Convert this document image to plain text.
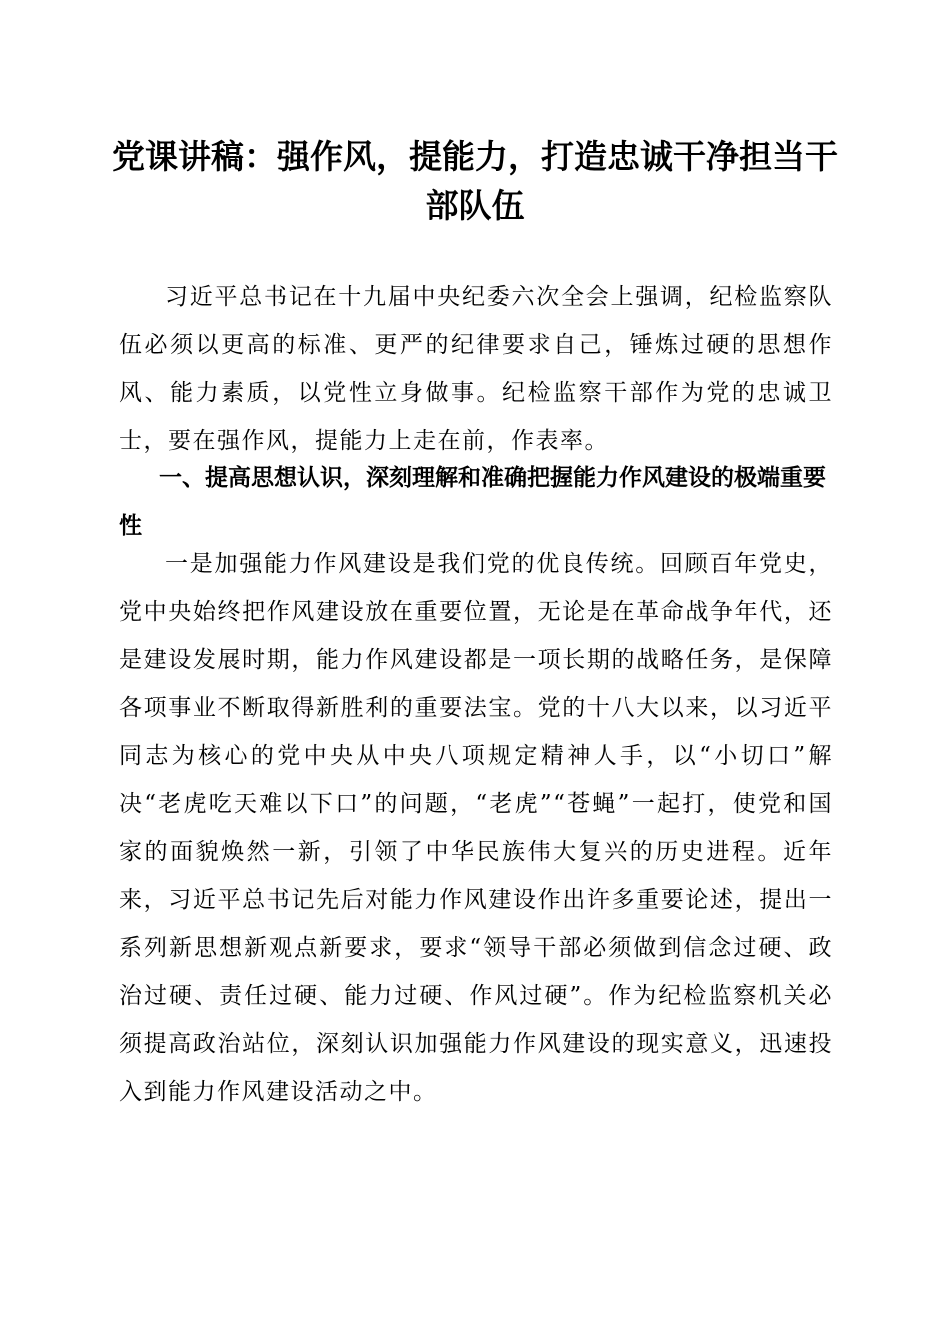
党课讲稿：强作风，提能力，打造忠诚干净担当干部队伍

习近平总书记在十九届中央纪委六次全会上强调，纪检监察队伍必须以更高的标准、更严的纪律要求自己，锤炼过硬的思想作风、能力素质，以党性立身做事。纪检监察干部作为党的忠诚卫士，要在强作风，提能力上走在前，作表率。

一、提高思想认识，深刻理解和准确把握能力作风建设的极端重要性

一是加强能力作风建设是我们党的优良传统。回顾百年党史，党中央始终把作风建设放在重要位置，无论是在革命战争年代，还是建设发展时期，能力作风建设都是一项长期的战略任务，是保障各项事业不断取得新胜利的重要法宝。党的十八大以来，以习近平同志为核心的党中央从中央八项规定精神人手，以“小切口”解决“老虎吃天难以下口”的问题，“老虎”“苍蝇”一起打，使党和国家的面貌焕然一新，引领了中华民族伟大复兴的历史进程。近年来，习近平总书记先后对能力作风建设作出许多重要论述，提出一系列新思想新观点新要求，要求“领导干部必须做到信念过硬、政治过硬、责任过硬、能力过硬、作风过硬”。作为纪检监察机关必须提高政治站位，深刻认识加强能力作风建设的现实意义，迅速投入到能力作风建设活动之中。
